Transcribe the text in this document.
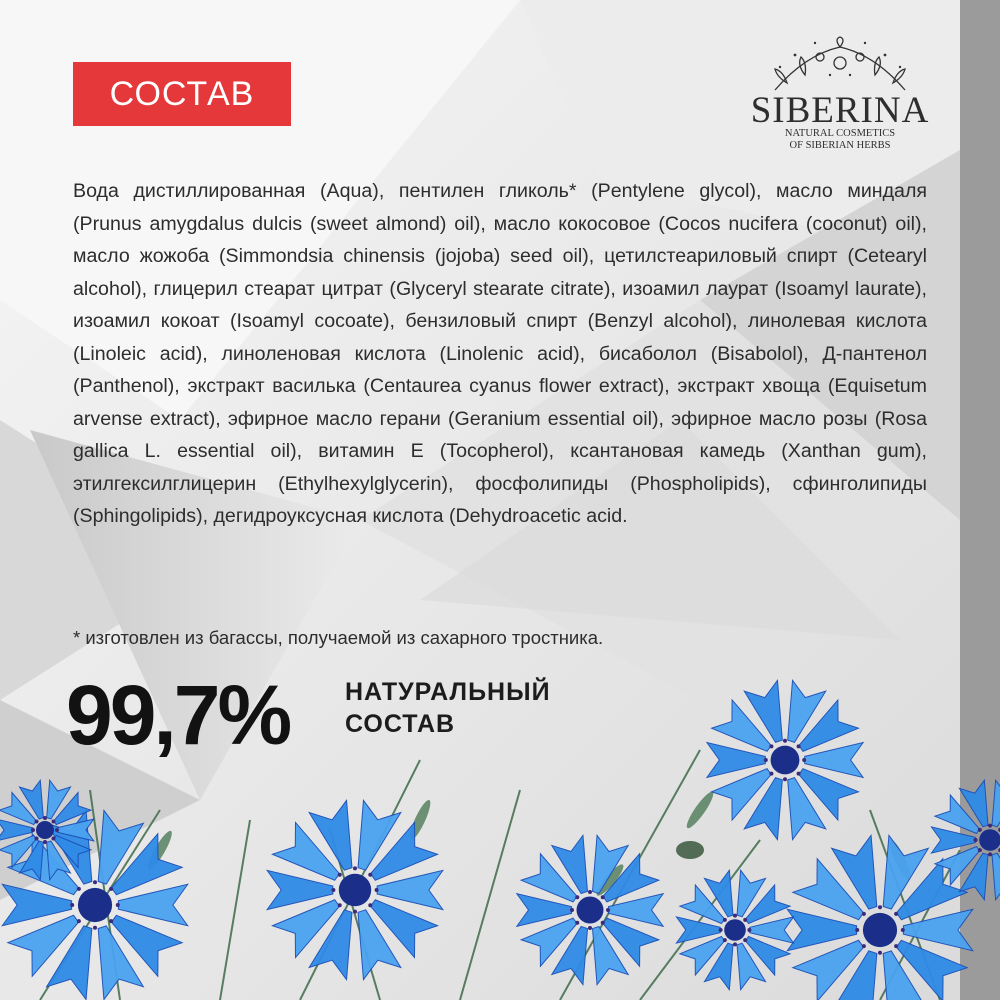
СОСТАВ	SIBERINA
NATURAL COSMETICS
OF SIBERIAN HERBS

Вода дистиллированная (Aqua), пентилен гликоль* (Pentylene glycol), масло миндаля (Prunus amygdalus dulcis (sweet almond) oil), масло кокосовое (Cocos nucifera (coconut) oil), масло жожоба (Simmondsia chinensis (jojoba) seed oil), цетилстеариловый спирт (Cetearyl alcohol), глицерил стеарат цитрат (Glyceryl stearate citrate), изоамил лаурат (Isoamyl laurate), изоамил кокоат (Isoamyl cocoate), бензиловый спирт (Benzyl alcohol), линолевая кислота (Linoleic acid), линоленовая кислота (Linolenic acid), бисаболол (Bisabolol), Д-пантенол (Panthenol), экстракт василька (Centaurea cyanus flower extract), экстракт хвоща (Equisetum arvense extract), эфирное масло герани (Geranium essential oil), эфирное масло розы (Rosa gallica L. essential oil), витамин Е (Tocopherol), ксантановая камедь (Xanthan gum), этилгексилглицерин (Ethylhexylglycerin), фосфолипиды (Phospholipids), сфинголипиды (Sphingolipids), дегидроуксусная кислота (Dehydroacetic acid.

* изготовлен из багассы, получаемой из сахарного тростника.

99,7% НАТУРАЛЬНЫЙ
СОСТАВ
